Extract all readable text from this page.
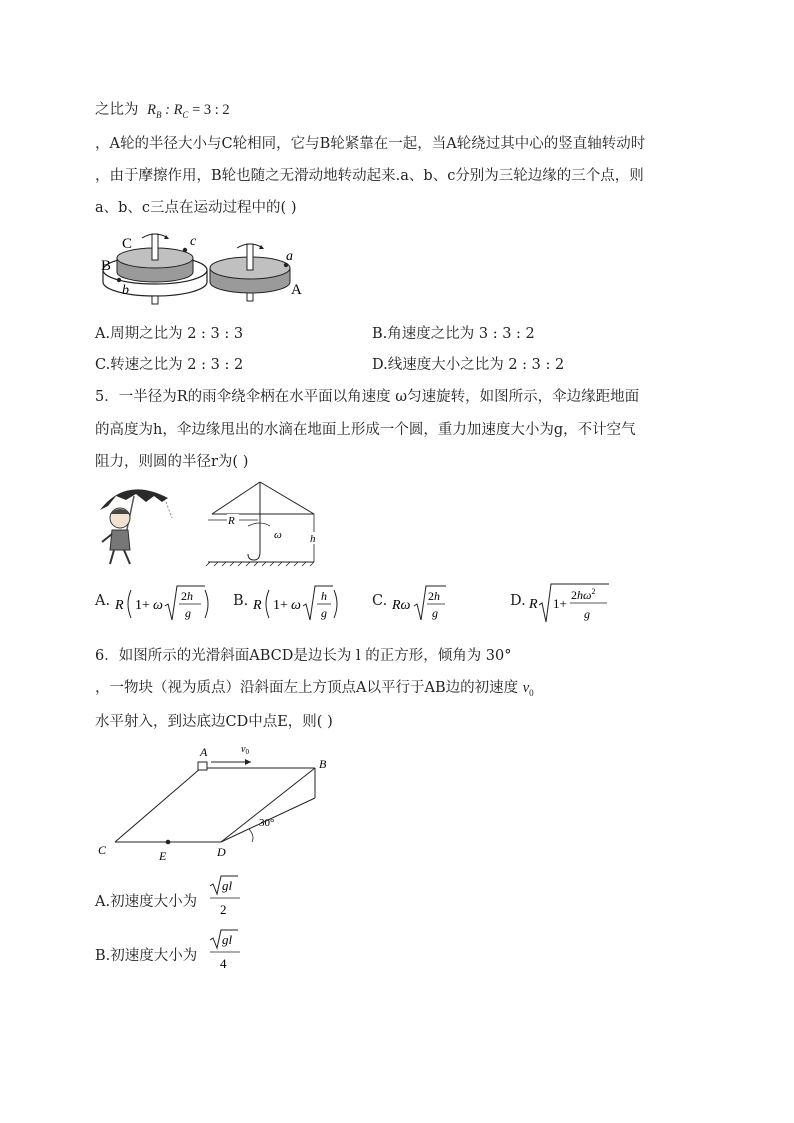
之比为 $R_B$ : $R_C = 3$ : 2
，A轮的半径大小与C轮相同，它与B轮紧靠在一起，当A轮绕过其中心的竖直轴转动时
，由于摩擦作用，B轮也随之无滑动地转动起来.a、b、c分别为三轮边缘的三个点，则
a、b、c三点在运动过程中的( )
C	c
B
b
a
A
A.周期之比为 2 : 3 : 3	B.角速度之比为 3 : 3 : 2
C.转速之比为 2 : 3 : 2	D.线速度大小之比为 2 : 3 : 2
5．一半径为R的雨伞绕伞柄在水平面以角速度 ω匀速旋转，如图所示，伞边缘距地面
的高度为h，伞边缘甩出的水滴在地面上形成一个圆，重力加速度大小为g，不计空气
阻力，则圆的半径r为( )
R
ω	h
A. R 1+ ω
2h
g
B. R 1+ ω
h
g
C. Rω
2h
g
D. R 1+
$2h\omega^2$
g
6．如图所示的光滑斜面ABCD是边长为 l 的正方形，倾角为 30°
，一物块（视为质点）沿斜面左上方顶点A以平行于AB边的初速度 $v_0$
水平射入，到达底边CD中点E，则( )
A	$v_0$
B
C	D
E
30°
A.初速度大小为
gl
2
B.初速度大小为
gl
4
